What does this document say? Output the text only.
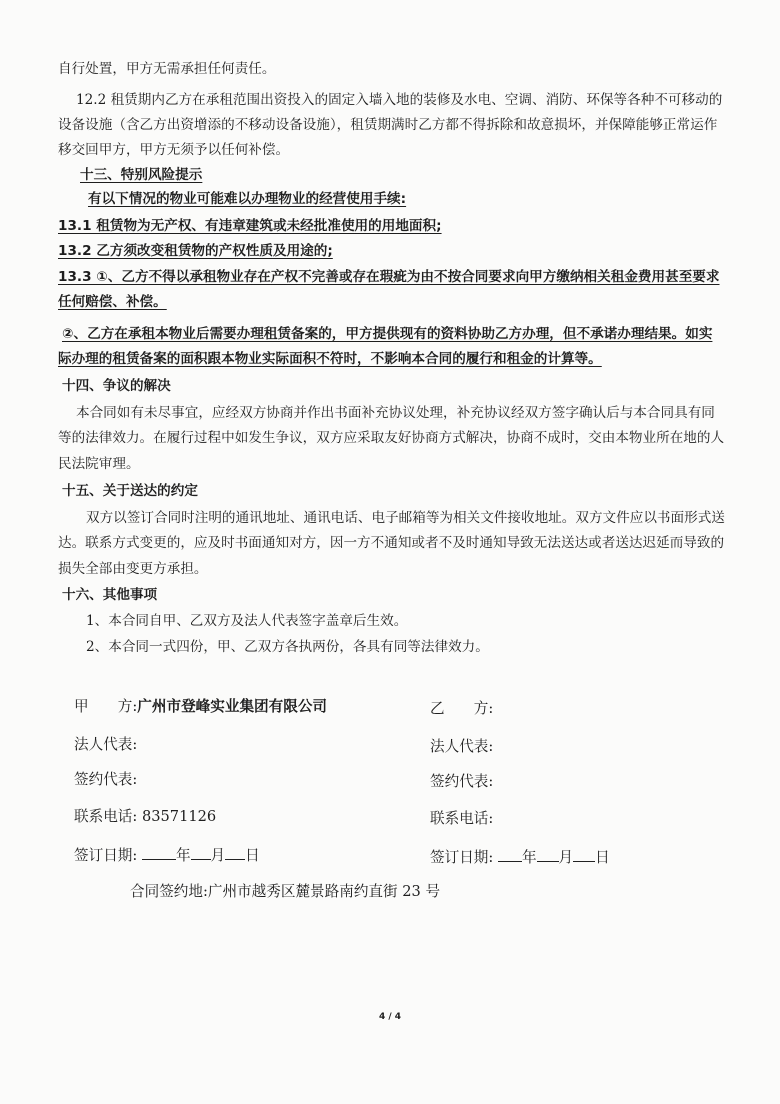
自行处置，甲方无需承担任何责任。
12.2 租赁期内乙方在承租范围出资投入的固定入墙入地的装修及水电、空调、消防、环保等各种不可移动的
设备设施（含乙方出资增添的不移动设备设施），租赁期满时乙方都不得拆除和故意损坏，并保障能够正常运作
移交回甲方，甲方无须予以任何补偿。
十三、特别风险提示
有以下情况的物业可能难以办理物业的经营使用手续:
13.1 租赁物为无产权、有违章建筑或未经批准使用的用地面积;
13.2 乙方须改变租赁物的产权性质及用途的;
13.3 ①、乙方不得以承租物业存在产权不完善或存在瑕疵为由不按合同要求向甲方缴纳相关租金费用甚至要求
任何赔偿、补偿。
②、乙方在承租本物业后需要办理租赁备案的，甲方提供现有的资料协助乙方办理，但不承诺办理结果。如实
际办理的租赁备案的面积跟本物业实际面积不符时，不影响本合同的履行和租金的计算等。
十四、争议的解决
本合同如有未尽事宜，应经双方协商并作出书面补充协议处理，补充协议经双方签字确认后与本合同具有同
等的法律效力。在履行过程中如发生争议，双方应采取友好协商方式解决，协商不成时，交由本物业所在地的人
民法院审理。
十五、关于送达的约定
双方以签订合同时注明的通讯地址、通讯电话、电子邮箱等为相关文件接收地址。双方文件应以书面形式送
达。联系方式变更的，应及时书面通知对方，因一方不通知或者不及时通知导致无法送达或者送达迟延而导致的
损失全部由变更方承担。
十六、其他事项
1、本合同自甲、乙双方及法人代表签字盖章后生效。
2、本合同一式四份，甲、乙双方各执两份，各具有同等法律效力。
甲　　方:广州市登峰实业集团有限公司
法人代表:
签约代表:
联系电话: 83571126
签订日期:	年 月 日
乙　　方:
法人代表:
签约代表:
联系电话:
签订日期: 年 月 日
合同签约地:广州市越秀区麓景路南约直街 23 号
4 / 4
